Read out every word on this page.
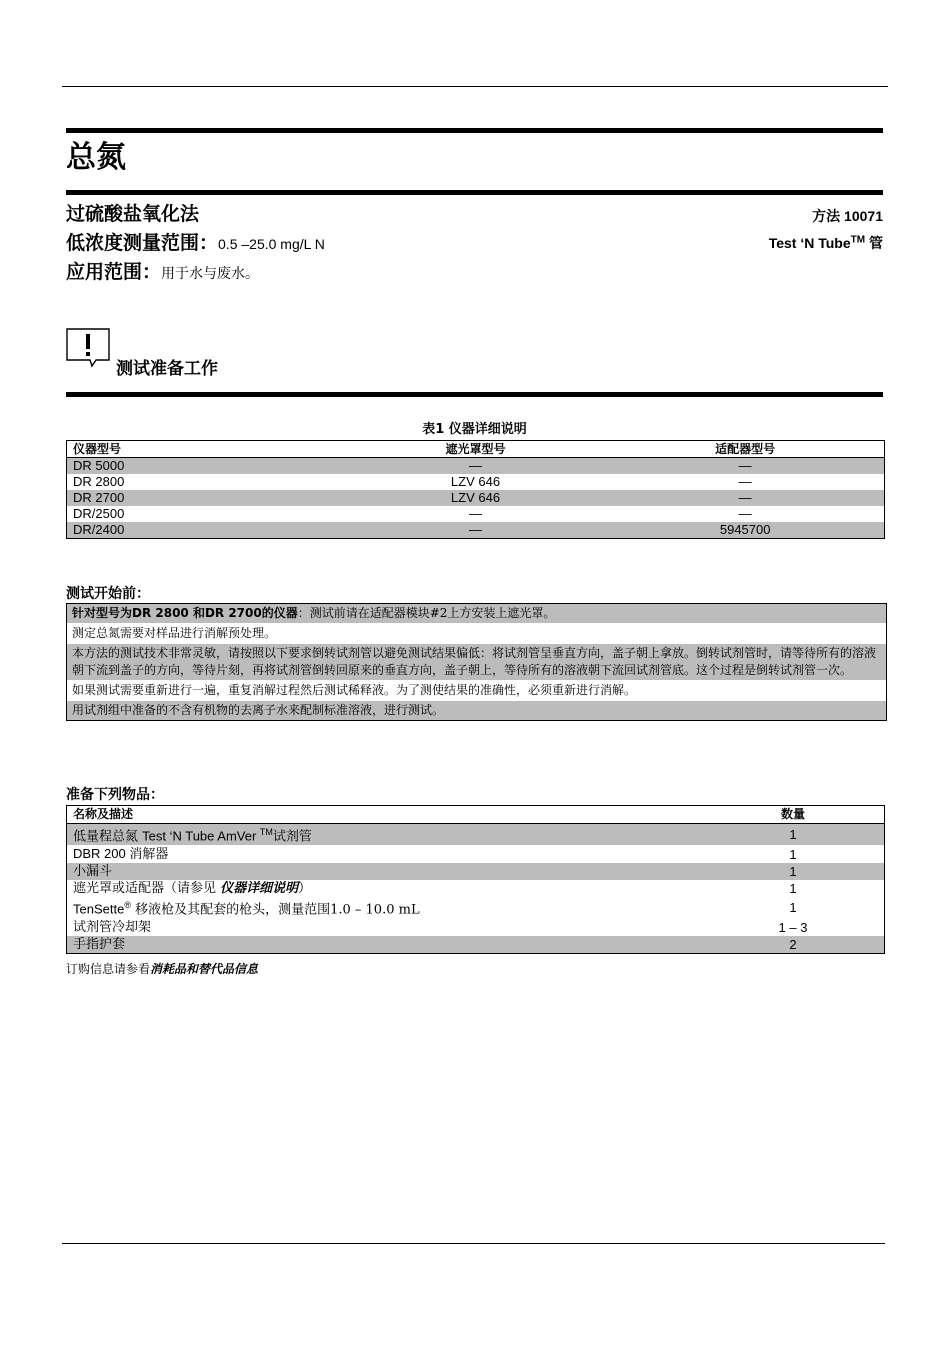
总氮
过硫酸盐氧化法	方法 10071
低浓度测量范围：0.5 –25.0 mg/L N	Test ‘N Tube™ 管
应用范围：用于水与废水。
测试准备工作
表1 仪器详细说明
仪器型号	遮光罩型号	适配器型号
DR 5000	—	—
DR 2800	LZV 646	—
DR 2700	LZV 646	—
DR/2500	—	—
DR/2400	—	5945700
测试开始前：
针对型号为DR 2800 和DR 2700的仪器：测试前请在适配器模块#2上方安装上遮光罩。
测定总氮需要对样品进行消解预处理。
本方法的测试技术非常灵敏，请按照以下要求倒转试剂管以避免测试结果偏低：将试剂管呈垂直方向，盖子朝上拿放。倒转试剂管时，请等待所有的溶液朝下流到盖子的方向，等待片刻，再将试剂管倒转回原来的垂直方向，盖子朝上，等待所有的溶液朝下流回试剂管底。这个过程是倒转试剂管一次。
如果测试需要重新进行一遍，重复消解过程然后测试稀释液。为了测使结果的准确性，必须重新进行消解。
用试剂组中准备的不含有机物的去离子水来配制标准溶液，进行测试。
准备下列物品：
名称及描述	数量
低量程总氮 Test ‘N Tube AmVer ™试剂管	1
DBR 200 消解器	1
小漏斗	1
遮光罩或适配器（请参见 仪器详细说明）	1
TenSette® 移液枪及其配套的枪头，测量范围1.0 – 10.0 mL	1
试剂管冷却架	1 – 3
手指护套	2
订购信息请参看消耗品和替代品信息
